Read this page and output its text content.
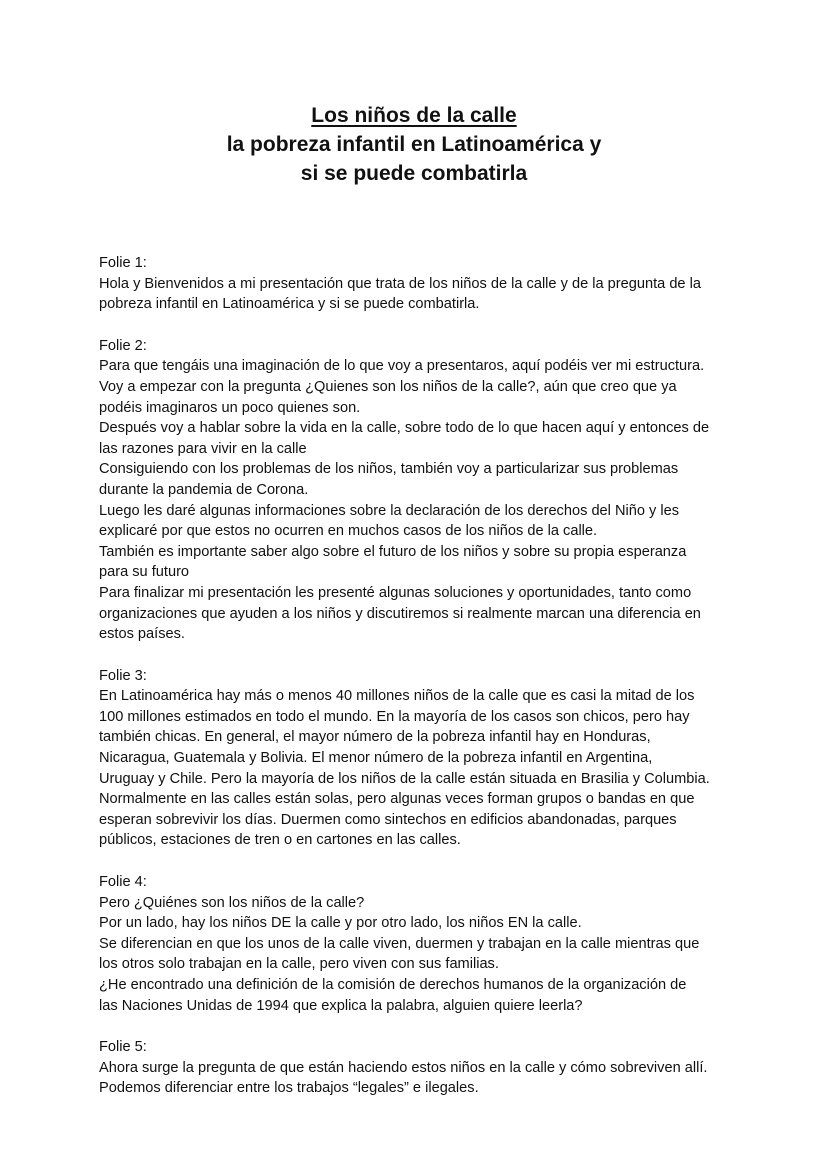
Los niños de la calle
la pobreza infantil en Latinoamérica y
si se puede combatirla
Folie 1:
Hola y Bienvenidos a mi presentación que trata de los niños de la calle y de la pregunta de la
pobreza infantil en Latinoamérica y si se puede combatirla.
Folie 2:
Para que tengáis una imaginación de lo que voy a presentaros, aquí podéis ver mi estructura.
Voy a empezar con la pregunta ¿Quienes son los niños de la calle?, aún que creo que ya
podéis imaginaros un poco quienes son.
Después voy a hablar sobre la vida en la calle, sobre todo de lo que hacen aquí y entonces de
las razones para vivir en la calle
Consiguiendo con los problemas de los niños, también voy a particularizar sus problemas
durante la pandemia de Corona.
Luego les daré algunas informaciones sobre la declaración de los derechos del Niño y les
explicaré por que estos no ocurren en muchos casos de los niños de la calle.
También es importante saber algo sobre el futuro de los niños y sobre su propia esperanza
para su futuro
Para finalizar mi presentación les presenté algunas soluciones y oportunidades, tanto como
organizaciones que ayuden a los niños y discutiremos si realmente marcan una diferencia en
estos países.
Folie 3:
En Latinoamérica hay más o menos 40 millones niños de la calle que es casi la mitad de los
100 millones estimados en todo el mundo. En la mayoría de los casos son chicos, pero hay
también chicas. En general, el mayor número de la pobreza infantil hay en Honduras,
Nicaragua, Guatemala y Bolivia. El menor número de la pobreza infantil en Argentina,
Uruguay y Chile. Pero la mayoría de los niños de la calle están situada en Brasilia y Columbia.
Normalmente en las calles están solas, pero algunas veces forman grupos o bandas en que
esperan sobrevivir los días. Duermen como sintechos en edificios abandonadas, parques
públicos, estaciones de tren o en cartones en las calles.
Folie 4:
Pero ¿Quiénes son los niños de la calle?
Por un lado, hay los niños DE la calle y por otro lado, los niños EN la calle.
Se diferencian en que los unos de la calle viven, duermen y trabajan en la calle mientras que
los otros solo trabajan en la calle, pero viven con sus familias.
¿He encontrado una definición de la comisión de derechos humanos de la organización de
las Naciones Unidas de 1994 que explica la palabra, alguien quiere leerla?
Folie 5:
Ahora surge la pregunta de que están haciendo estos niños en la calle y cómo sobreviven allí.
Podemos diferenciar entre los trabajos “legales” e ilegales.
